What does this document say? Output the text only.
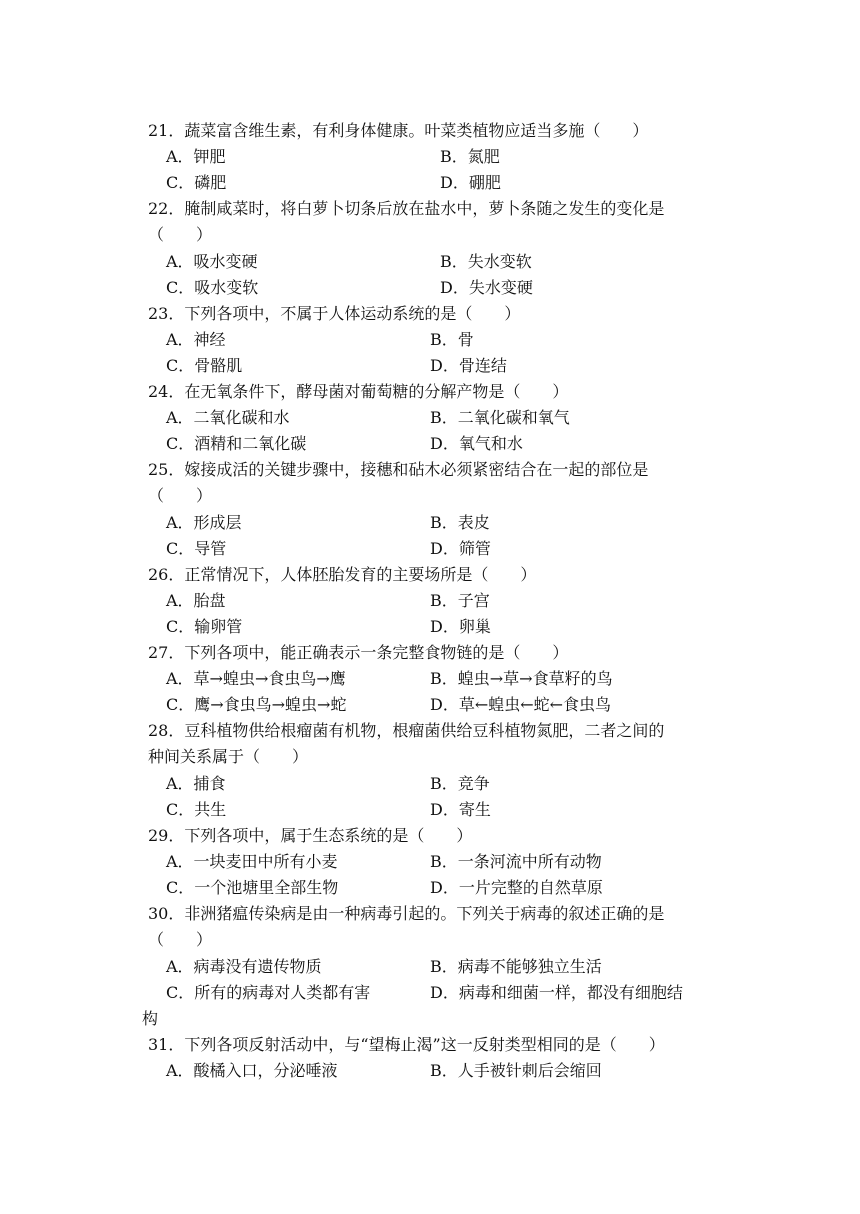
21．蔬菜富含维生素，有利身体健康。叶菜类植物应适当多施（　　）
A．钾肥	B．氮肥
C．磷肥	D．硼肥
22．腌制咸菜时，将白萝卜切条后放在盐水中，萝卜条随之发生的变化是
（　　）
A．吸水变硬	B．失水变软
C．吸水变软	D．失水变硬
23．下列各项中，不属于人体运动系统的是（　　）
A．神经	B．骨
C．骨骼肌	D．骨连结
24．在无氧条件下，酵母菌对葡萄糖的分解产物是（　　）
A．二氧化碳和水	B．二氧化碳和氧气
C．酒精和二氧化碳	D．氧气和水
25．嫁接成活的关键步骤中，接穗和砧木必须紧密结合在一起的部位是
（　　）
A．形成层	B．表皮
C．导管	D．筛管
26．正常情况下，人体胚胎发育的主要场所是（　　）
A．胎盘	B．子宫
C．输卵管	D．卵巢
27．下列各项中，能正确表示一条完整食物链的是（　　）
A．草→蝗虫→食虫鸟→鹰	B．蝗虫→草→食草籽的鸟
C．鹰→食虫鸟→蝗虫→蛇	D．草←蝗虫←蛇←食虫鸟
28．豆科植物供给根瘤菌有机物，根瘤菌供给豆科植物氮肥，二者之间的
种间关系属于（　　）
A．捕食	B．竞争
C．共生	D．寄生
29．下列各项中，属于生态系统的是（　　）
A．一块麦田中所有小麦	B．一条河流中所有动物
C．一个池塘里全部生物	D．一片完整的自然草原
30．非洲猪瘟传染病是由一种病毒引起的。下列关于病毒的叙述正确的是
（　　）
A．病毒没有遗传物质	B．病毒不能够独立生活
C．所有的病毒对人类都有害	D．病毒和细菌一样，都没有细胞结
构
31．下列各项反射活动中，与“望梅止渴”这一反射类型相同的是（　　）
A．酸橘入口，分泌唾液	B．人手被针刺后会缩回
